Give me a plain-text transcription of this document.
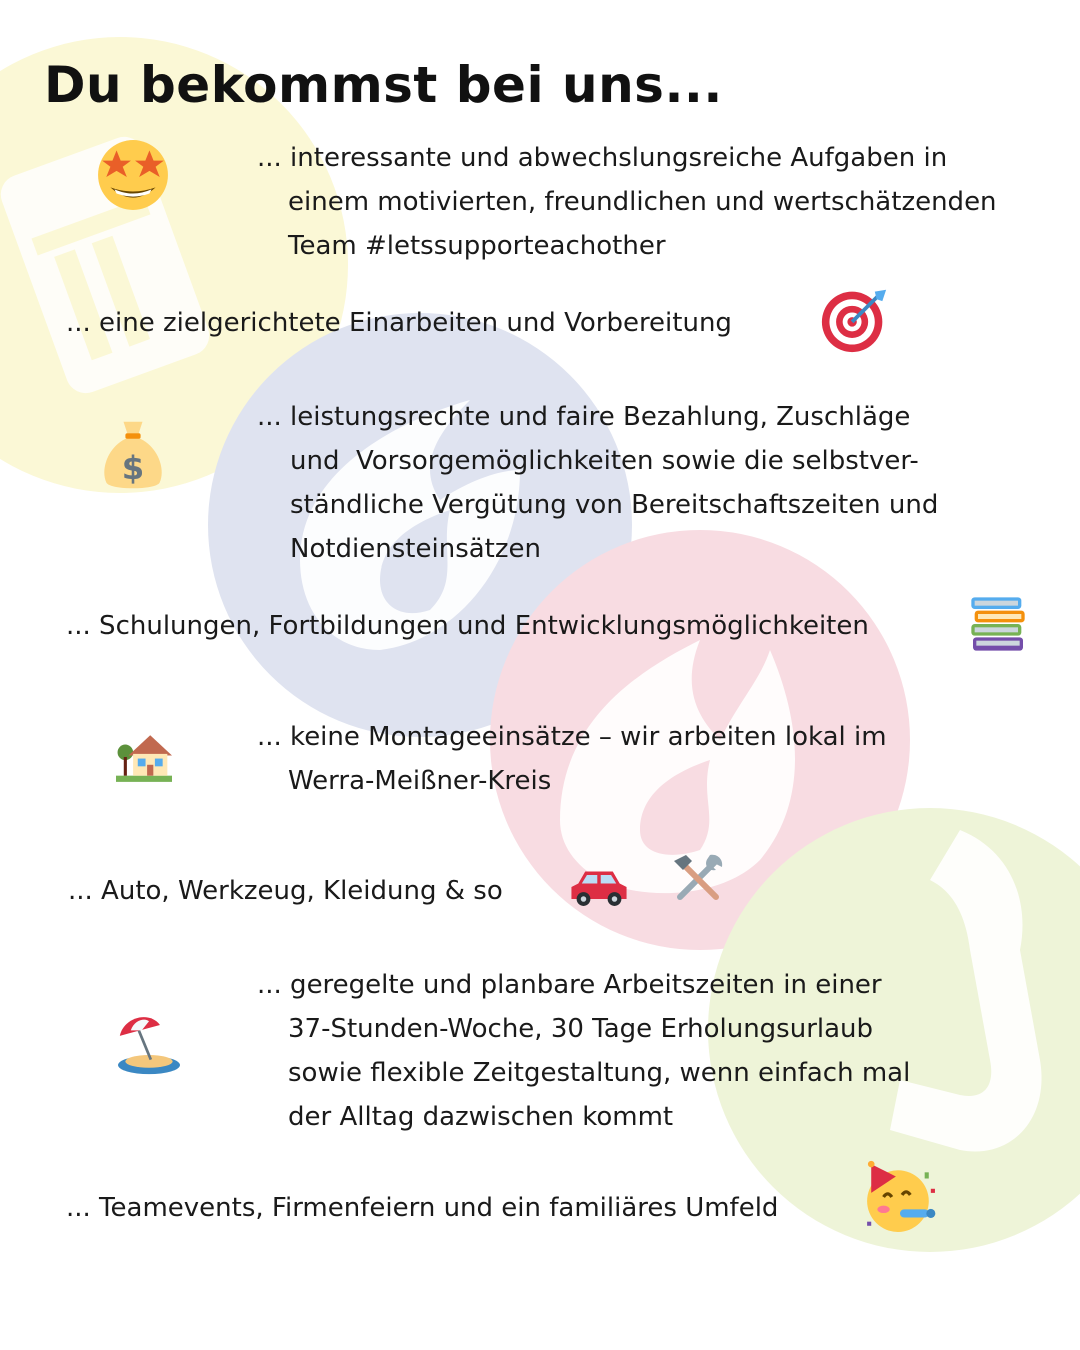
Du bekommst bei uns...
... interessante und abwechslungsreiche Aufgaben in
einem motivierten, freundlichen und wertschätzenden
Team #letssupporteachother
... eine zielgerichtete Einarbeiten und Vorbereitung
... leistungsrechte und faire Bezahlung, Zuschläge
und  Vorsorgemöglichkeiten sowie die selbstver-
ständliche Vergütung von Bereitschaftszeiten und
Notdiensteinsätzen
$
... Schulungen, Fortbildungen und Entwicklungsmöglichkeiten
... keine Montageeinsätze – wir arbeiten lokal im
Werra-Meißner-Kreis
... Auto, Werkzeug, Kleidung & so
... geregelte und planbare Arbeitszeiten in einer
37-Stunden-Woche, 30 Tage Erholungsurlaub
sowie flexible Zeitgestaltung, wenn einfach mal
der Alltag dazwischen kommt
... Teamevents, Firmenfeiern und ein familiäres Umfeld
